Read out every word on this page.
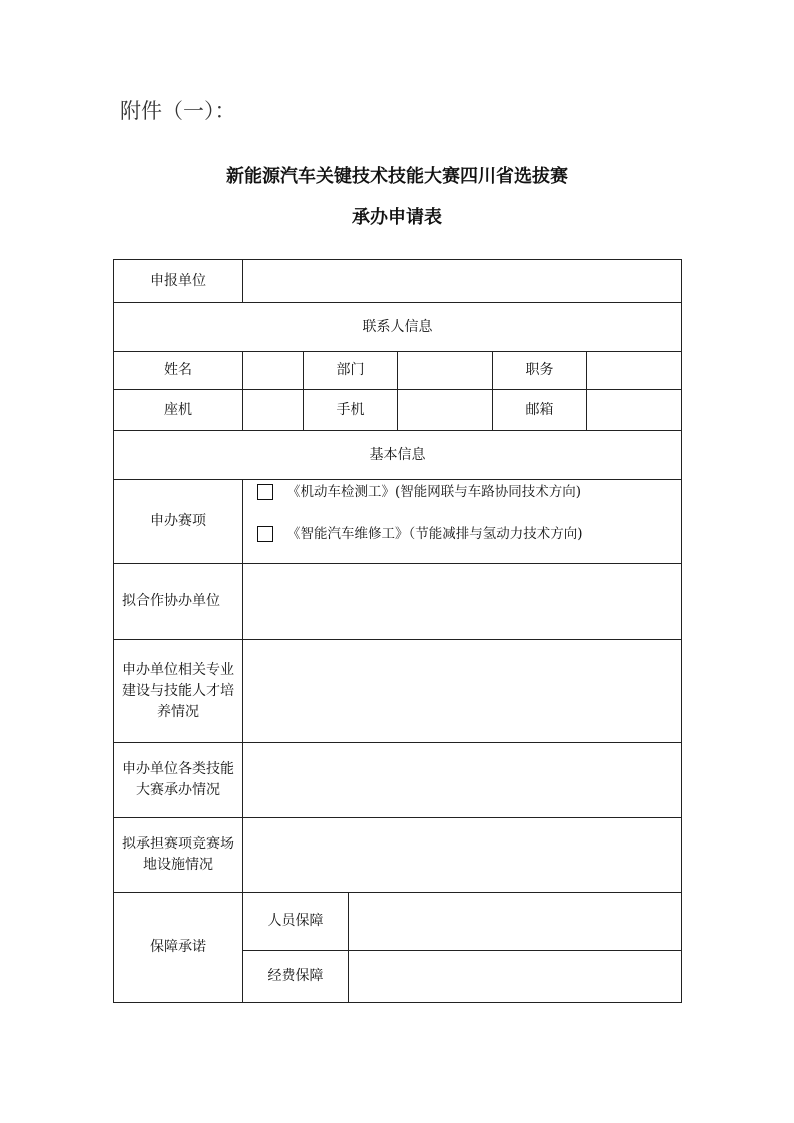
附件（一）：
新能源汽车关键技术技能大赛四川省选拔赛
承办申请表
申报单位						
联系人信息						
姓名		部门			职务	
座机		手机			邮箱	
基本信息						
申办赛项	《机动车检测工》(智能网联与车路协同技术方向)
《智能汽车维修工》（节能减排与氢动力技术方向)					

拟合作协办单位						
申办单位相关专业建设与技能人才培养情况						
申办单位各类技能大赛承办情况						
拟承担赛项竞赛场地设施情况						
保障承诺	人员保障					
	经费保障					
